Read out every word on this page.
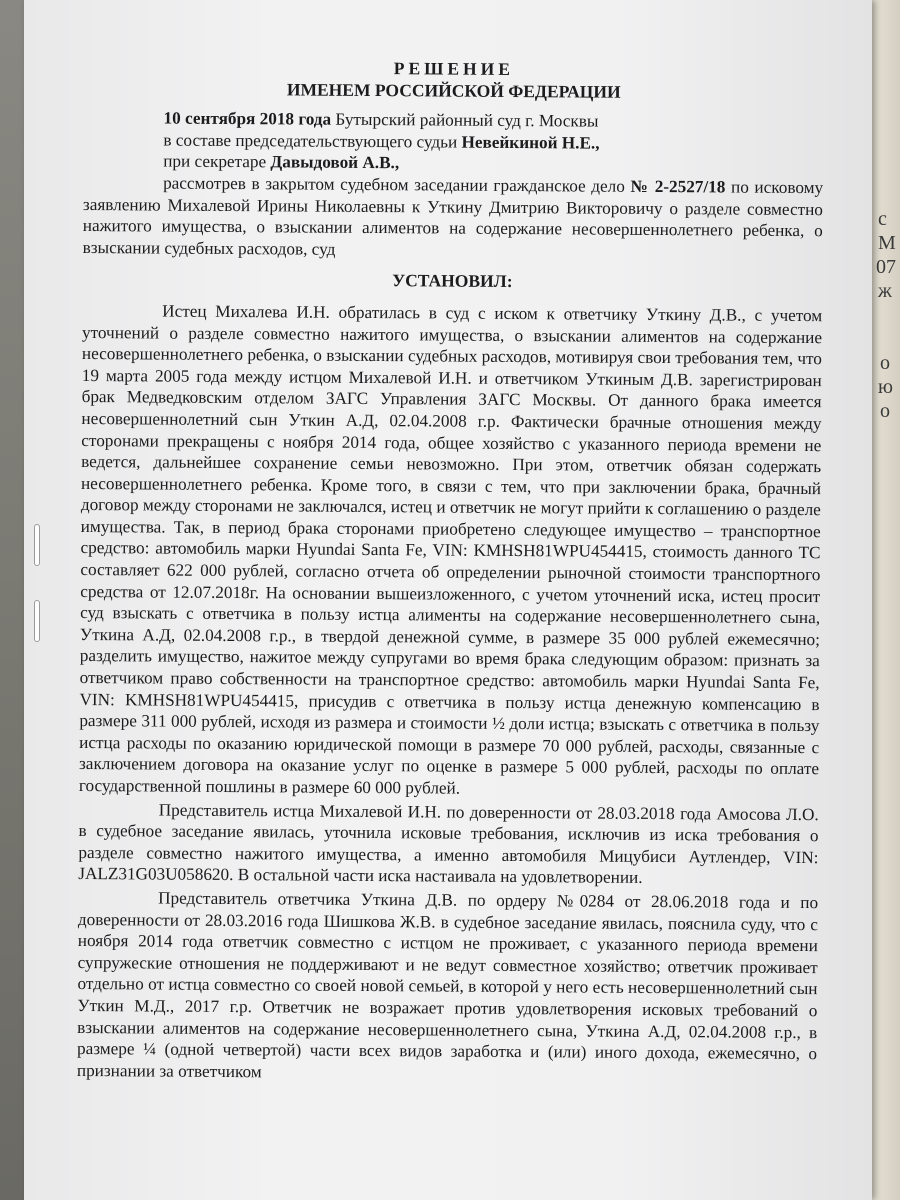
с
М
07
ж
о
ю
о

РЕШЕНИЕ

ИМЕНЕМ РОССИЙСКОЙ ФЕДЕРАЦИИ

10 сентября 2018 года Бутырский районный суд г. Москвы
в составе председательствующего судьи Невейкиной Н.Е.,
при секретаре Давыдовой А.В.,

рассмотрев в закрытом судебном заседании гражданское дело № 2-2527/18 по исковому заявлению Михалевой Ирины Николаевны к Уткину Дмитрию Викторовичу о разделе совместно нажитого имущества, о взыскании алиментов на содержание несовершеннолетнего ребенка, о взыскании судебных расходов, суд

УСТАНОВИЛ:

Истец Михалева И.Н. обратилась в суд с иском к ответчику Уткину Д.В., с учетом уточнений о разделе совместно нажитого имущества, о взыскании алиментов на содержание несовершеннолетнего ребенка, о взыскании судебных расходов, мотивируя свои требования тем, что 19 марта 2005 года между истцом Михалевой И.Н. и ответчиком Уткиным Д.В. зарегистрирован брак Медведковским отделом ЗАГС Управления ЗАГС Москвы. От данного брака имеется несовершеннолетний сын Уткин А.Д, 02.04.2008 г.р. Фактически брачные отношения между сторонами прекращены с ноября 2014 года, общее хозяйство с указанного периода времени не ведется, дальнейшее сохранение семьи невозможно. При этом, ответчик обязан содержать несовершеннолетнего ребенка. Кроме того, в связи с тем, что при заключении брака, брачный договор между сторонами не заключался, истец и ответчик не могут прийти к соглашению о разделе имущества. Так, в период брака сторонами приобретено следующее имущество – транспортное средство: автомобиль марки Hyundai Santa Fe, VIN: KMHSH81WPU454415, стоимость данного ТС составляет 622 000 рублей, согласно отчета об определении рыночной стоимости транспортного средства от 12.07.2018г. На основании вышеизложенного, с учетом уточнений иска, истец просит суд взыскать с ответчика в пользу истца алименты на содержание несовершеннолетнего сына, Уткина А.Д, 02.04.2008 г.р., в твердой денежной сумме, в размере 35 000 рублей ежемесячно; разделить имущество, нажитое между супругами во время брака следующим образом: признать за ответчиком право собственности на транспортное средство: автомобиль марки Hyundai Santa Fe, VIN: KMHSH81WPU454415, присудив с ответчика в пользу истца денежную компенсацию в размере 311 000 рублей, исходя из размера и стоимости ½ доли истца; взыскать с ответчика в пользу истца расходы по оказанию юридической помощи в размере 70 000 рублей, расходы, связанные с заключением договора на оказание услуг по оценке в размере 5 000 рублей, расходы по оплате государственной пошлины в размере 60 000 рублей.

Представитель истца Михалевой И.Н. по доверенности от 28.03.2018 года Амосова Л.О. в судебное заседание явилась, уточнила исковые требования, исключив из иска требования о разделе совместно нажитого имущества, а именно автомобиля Мицубиси Аутлендер, VIN: JALZ31G03U058620. В остальной части иска настаивала на удовлетворении.

Представитель ответчика Уткина Д.В. по ордеру №0284 от 28.06.2018 года и по доверенности от 28.03.2016 года Шишкова Ж.В. в судебное заседание явилась, пояснила суду, что с ноября 2014 года ответчик совместно с истцом не проживает, с указанного периода времени супружеские отношения не поддерживают и не ведут совместное хозяйство; ответчик проживает отдельно от истца совместно со своей новой семьей, в которой у него есть несовершеннолетний сын Уткин М.Д., 2017 г.р. Ответчик не возражает против удовлетворения исковых требований о взыскании алиментов на содержание несовершеннолетнего сына, Уткина А.Д, 02.04.2008 г.р., в размере ¼ (одной четвертой) части всех видов заработка и (или) иного дохода, ежемесячно, о признании за ответчиком
